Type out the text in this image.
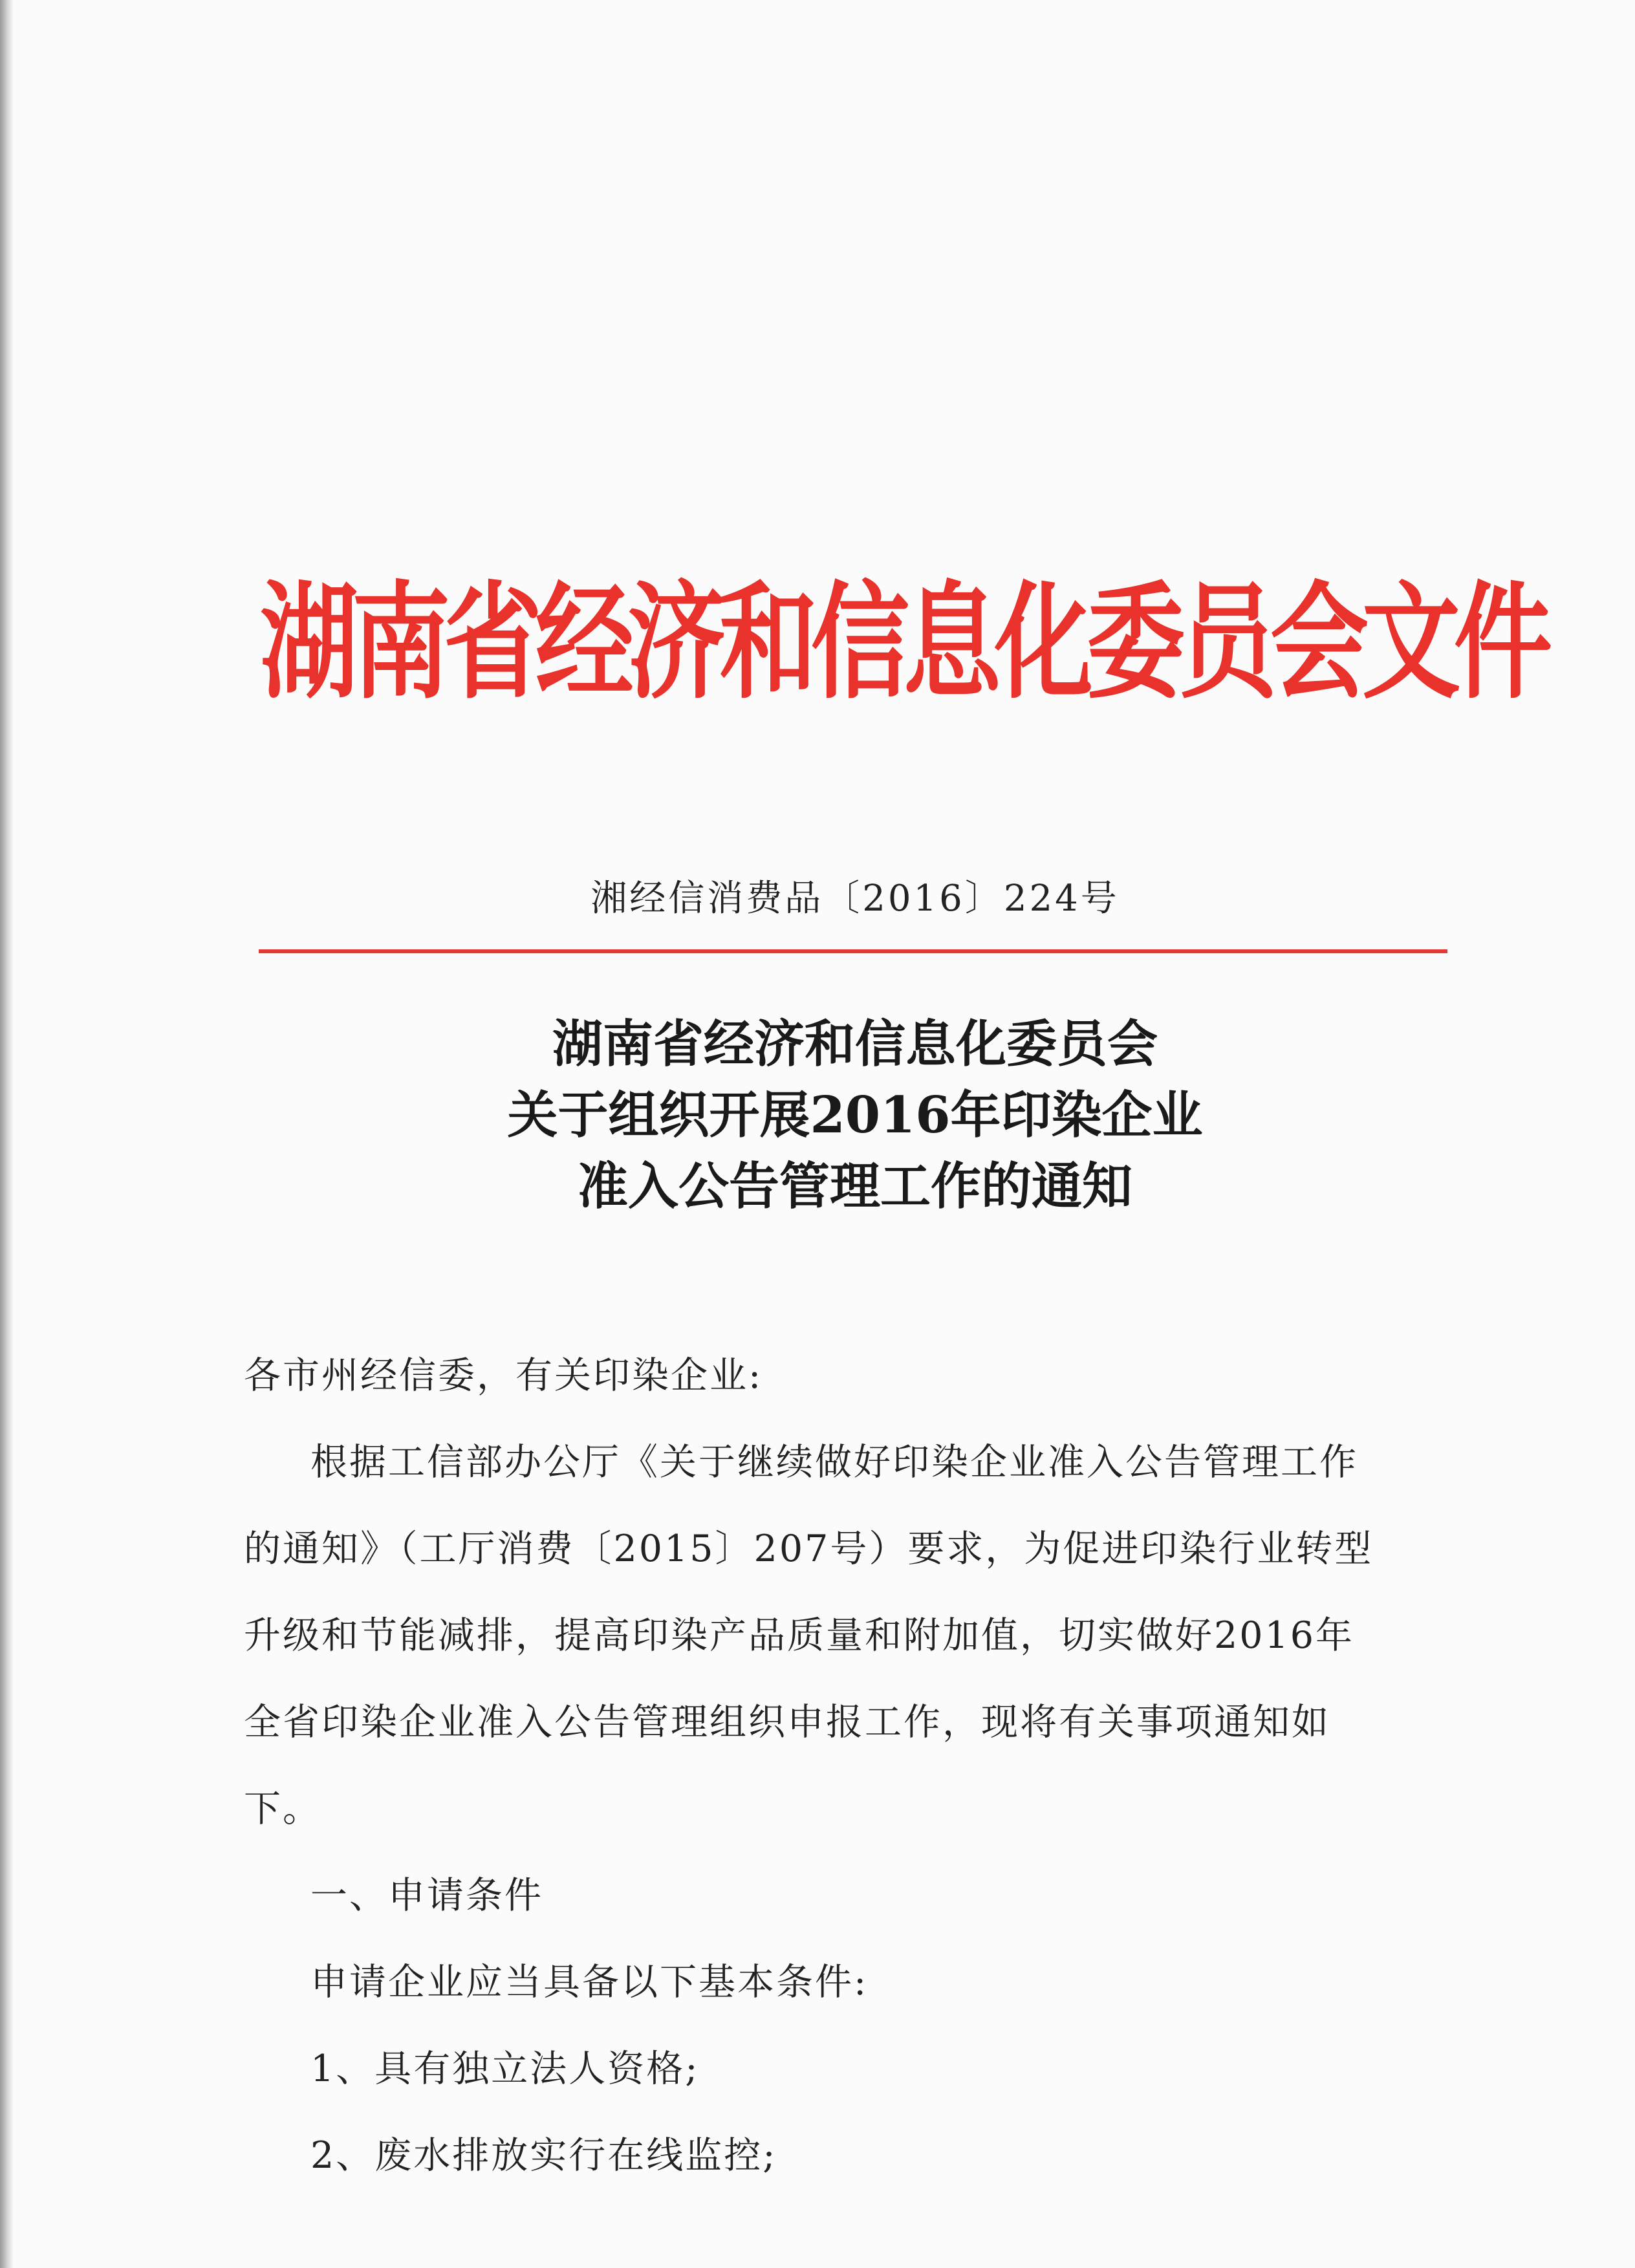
湖南省经济和信息化委员会文件
湘经信消费品〔2016〕224号
湖南省经济和信息化委员会
关于组织开展2016年印染企业
准入公告管理工作的通知

各市州经信委，有关印染企业:

根据工信部办公厅《关于继续做好印染企业准入公告管理工作

的通知》（工厅消费〔2015〕207号）要求，为促进印染行业转型

升级和节能减排，提高印染产品质量和附加值，切实做好2016年

全省印染企业准入公告管理组织申报工作，现将有关事项通知如

下。

一、申请条件

申请企业应当具备以下基本条件:

1、具有独立法人资格;

2、废水排放实行在线监控;
